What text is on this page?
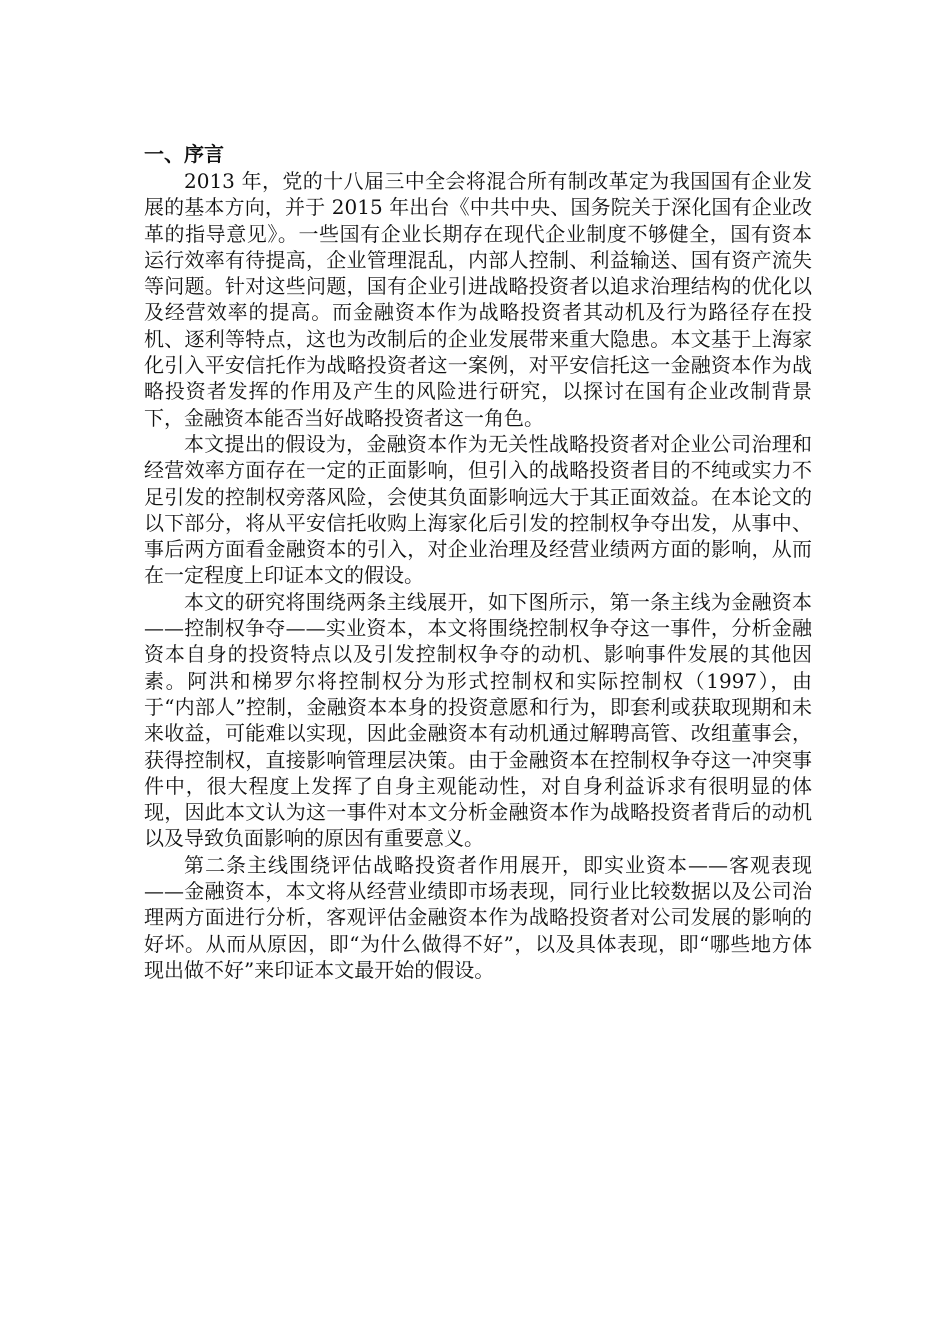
一、序言

2013 年，党的十八届三中全会将混合所有制改革定为我国国有企业发展的基本方向，并于 2015 年出台《中共中央、国务院关于深化国有企业改革的指导意见》。一些国有企业长期存在现代企业制度不够健全，国有资本运行效率有待提高，企业管理混乱，内部人控制、利益输送、国有资产流失等问题。针对这些问题，国有企业引进战略投资者以追求治理结构的优化以及经营效率的提高。而金融资本作为战略投资者其动机及行为路径存在投机、逐利等特点，这也为改制后的企业发展带来重大隐患。本文基于上海家化引入平安信托作为战略投资者这一案例，对平安信托这一金融资本作为战略投资者发挥的作用及产生的风险进行研究，以探讨在国有企业改制背景下，金融资本能否当好战略投资者这一角色。

本文提出的假设为，金融资本作为无关性战略投资者对企业公司治理和经营效率方面存在一定的正面影响，但引入的战略投资者目的不纯或实力不足引发的控制权旁落风险，会使其负面影响远大于其正面效益。在本论文的以下部分，将从平安信托收购上海家化后引发的控制权争夺出发，从事中、事后两方面看金融资本的引入，对企业治理及经营业绩两方面的影响，从而在一定程度上印证本文的假设。

本文的研究将围绕两条主线展开，如下图所示，第一条主线为金融资本——控制权争夺——实业资本，本文将围绕控制权争夺这一事件，分析金融资本自身的投资特点以及引发控制权争夺的动机、影响事件发展的其他因素。阿洪和梯罗尔将控制权分为形式控制权和实际控制权（1997），由于“内部人”控制，金融资本本身的投资意愿和行为，即套利或获取现期和未来收益，可能难以实现，因此金融资本有动机通过解聘高管、改组董事会，获得控制权，直接影响管理层决策。由于金融资本在控制权争夺这一冲突事件中，很大程度上发挥了自身主观能动性，对自身利益诉求有很明显的体现，因此本文认为这一事件对本文分析金融资本作为战略投资者背后的动机以及导致负面影响的原因有重要意义。

第二条主线围绕评估战略投资者作用展开，即实业资本——客观表现——金融资本，本文将从经营业绩即市场表现，同行业比较数据以及公司治理两方面进行分析，客观评估金融资本作为战略投资者对公司发展的影响的好坏。从而从原因，即“为什么做得不好”，以及具体表现，即“哪些地方体现出做不好”来印证本文最开始的假设。
